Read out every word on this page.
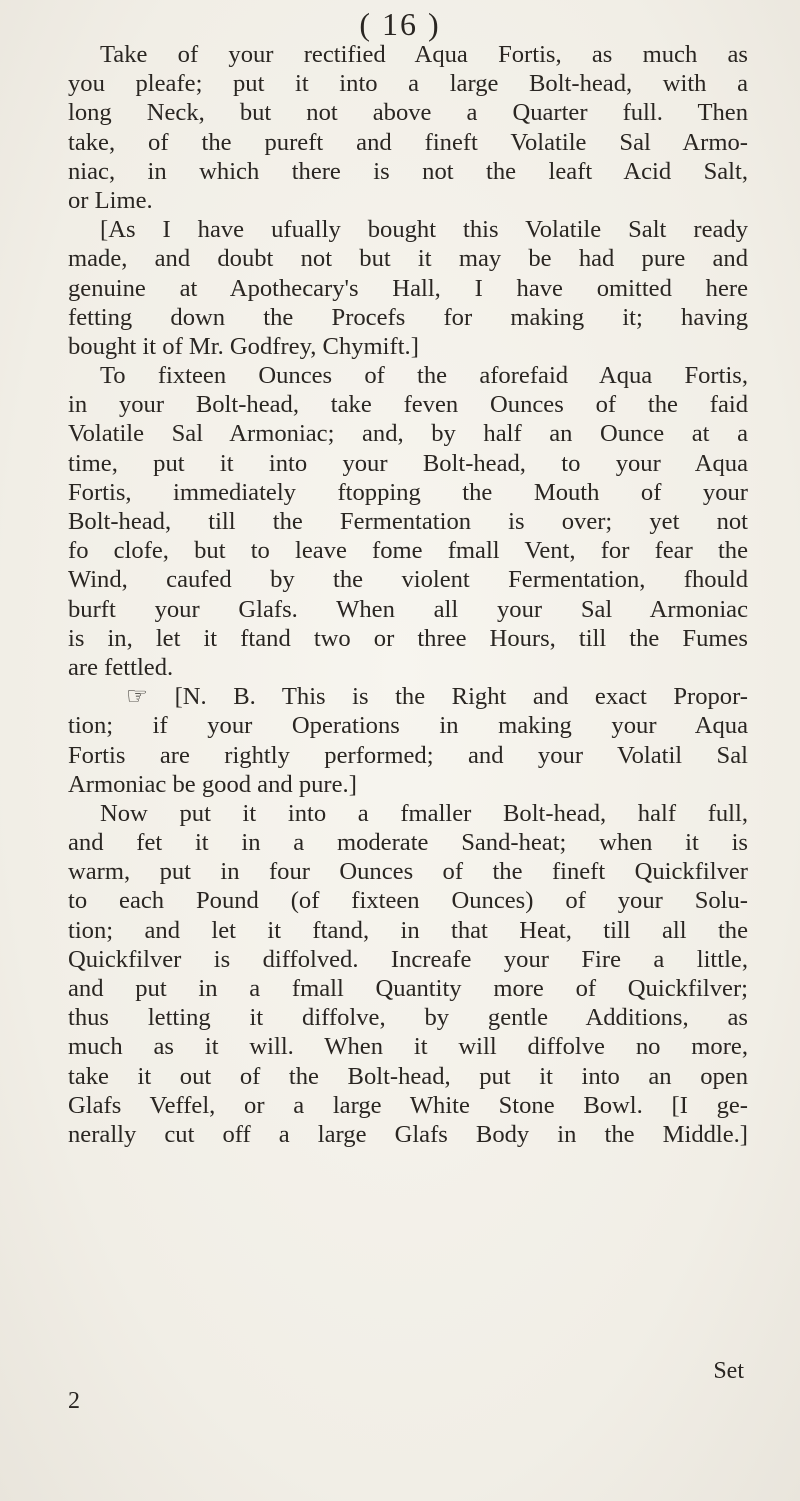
( 16 )
Take of your rectified Aqua Fortis, as much as
you pleafe; put it into a large Bolt-head, with a
long Neck, but not above a Quarter full. Then
take, of the pureft and fineft Volatile Sal Armo-
niac, in which there is not the leaft Acid Salt,
or Lime.
[As I have ufually bought this Volatile Salt ready
made, and doubt not but it may be had pure and
genuine at Apothecary's Hall, I have omitted here
fetting down the Procefs for making it; having
bought it of Mr. Godfrey, Chymift.]
To fixteen Ounces of the aforefaid Aqua Fortis,
in your Bolt-head, take feven Ounces of the faid
Volatile Sal Armoniac; and, by half an Ounce at a
time, put it into your Bolt-head, to your Aqua
Fortis, immediately ftopping the Mouth of your
Bolt-head, till the Fermentation is over; yet not
fo clofe, but to leave fome fmall Vent, for fear the
Wind, caufed by the violent Fermentation, fhould
burft your Glafs. When all your Sal Armoniac
is in, let it ftand two or three Hours, till the Fumes
are fettled.
☞ [N. B. This is the Right and exact Propor-
tion; if your Operations in making your Aqua
Fortis are rightly performed; and your Volatil Sal
Armoniac be good and pure.]
Now put it into a fmaller Bolt-head, half full,
and fet it in a moderate Sand-heat; when it is
warm, put in four Ounces of the fineft Quickfilver
to each Pound (of fixteen Ounces) of your Solu-
tion; and let it ftand, in that Heat, till all the
Quickfilver is diffolved. Increafe your Fire a little,
and put in a fmall Quantity more of Quickfilver;
thus letting it diffolve, by gentle Additions, as
much as it will. When it will diffolve no more,
take it out of the Bolt-head, put it into an open
Glafs Veffel, or a large White Stone Bowl. [I ge-
nerally cut off a large Glafs Body in the Middle.]
Set
2
